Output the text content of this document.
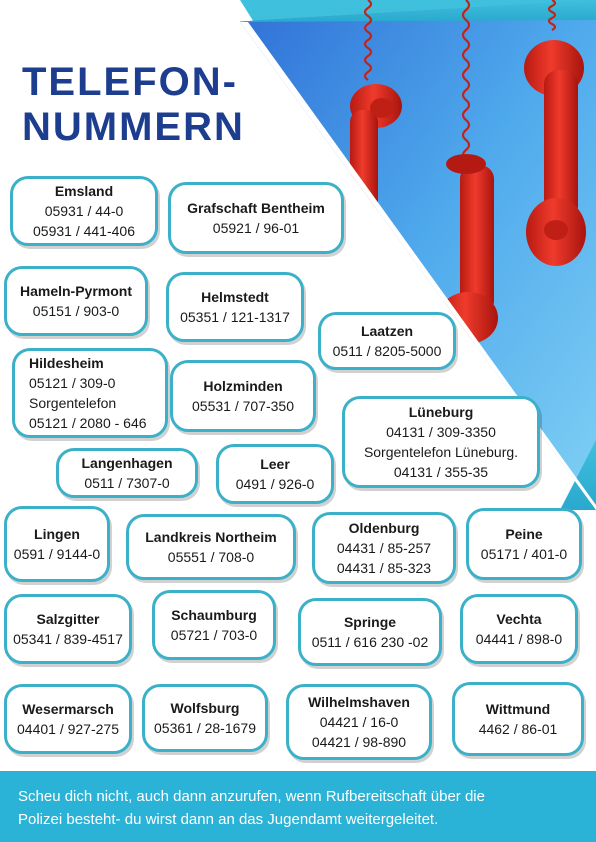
TELEFON-
NUMMERN
Emsland
05931 / 44-0
05931 / 441-406
Grafschaft Bentheim
05921 / 96-01
Hameln-Pyrmont
05151 / 903-0
Helmstedt
05351 / 121-1317
Laatzen
0511 / 8205-5000
Hildesheim
05121 / 309-0
Sorgentelefon
05121 / 2080 - 646
Holzminden
05531 / 707-350	Lüneburg
04131 / 309-3350
Sorgentelefon Lüneburg.
04131 / 355-35
Langenhagen
0511 / 7307-0
Leer
0491 / 926-0
Lingen
0591 / 9144-0
Landkreis Northeim
05551 / 708-0
Oldenburg
04431 / 85-257
04431 / 85-323
Peine
05171 / 401-0
Salzgitter
05341 / 839-4517
Schaumburg
05721 / 703-0
Springe
0511 / 616 230 -02
Vechta
04441 / 898-0
Wesermarsch
04401 / 927-275
Wolfsburg
05361 / 28-1679
Wilhelmshaven
04421 / 16-0
04421 / 98-890
Wittmund
4462 / 86-01

Scheu dich nicht, auch dann anzurufen, wenn Rufbereitschaft über die

Polizei besteht- du wirst dann an das Jugendamt weitergeleitet.
